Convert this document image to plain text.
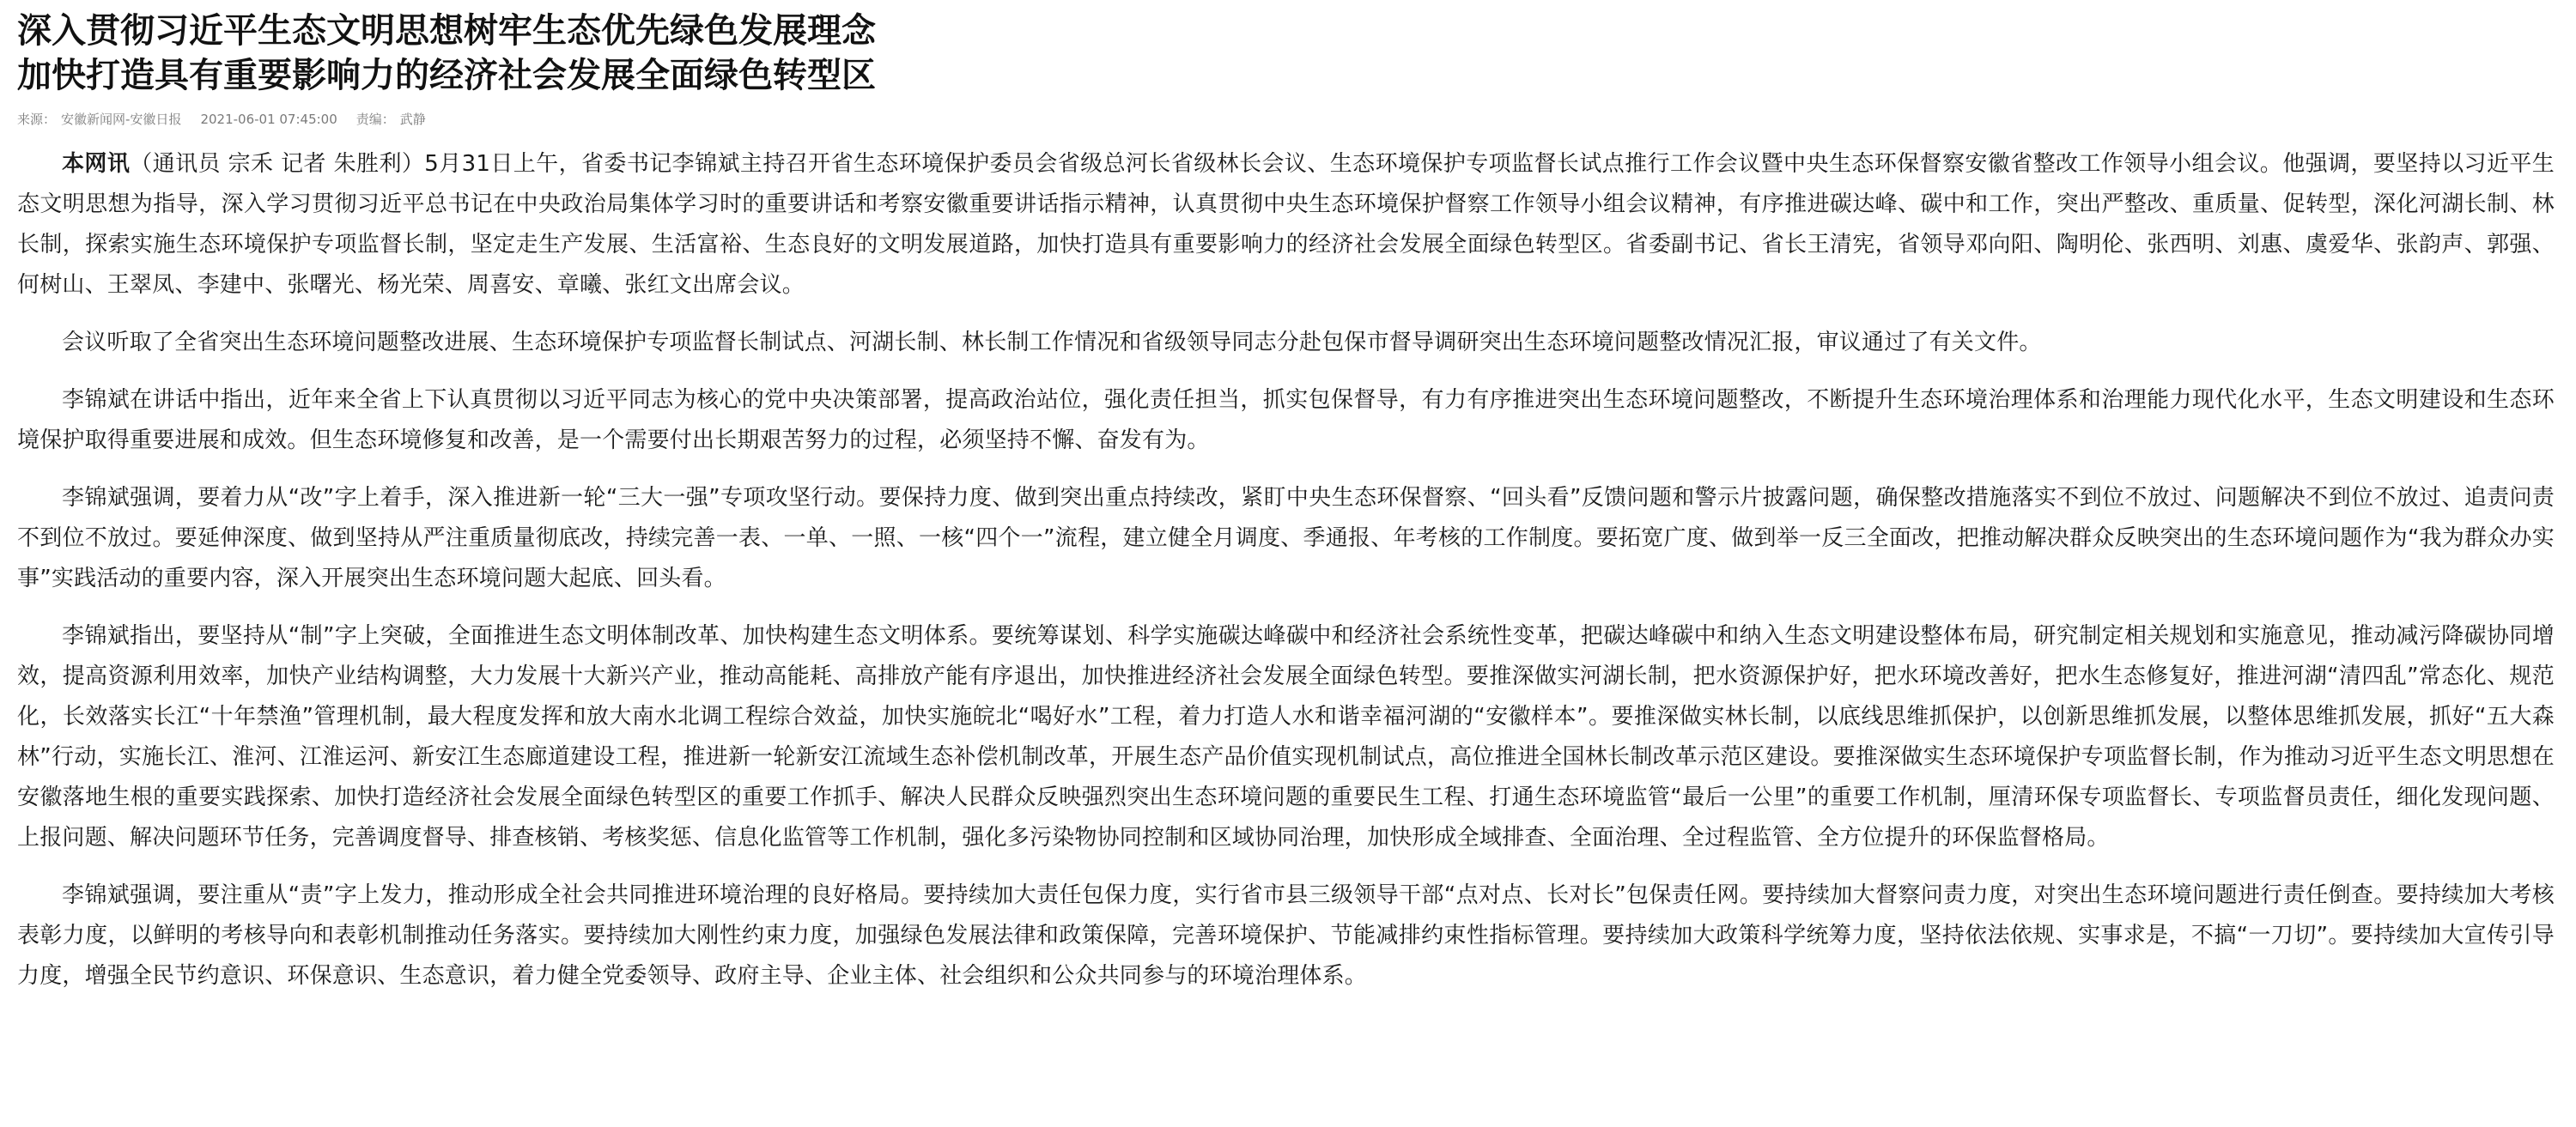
深入贯彻习近平生态文明思想树牢生态优先绿色发展理念
加快打造具有重要影响力的经济社会发展全面绿色转型区
来源： 安徽新闻网-安徽日报 2021-06-01 07:45:00 责编： 武静

本网讯（通讯员 宗禾 记者 朱胜利）5月31日上午，省委书记李锦斌主持召开省生态环境保护委员会省级总河长省级林长会议、生态环境保护专项监督长试点推行工作会议暨中央生态环保督察安徽省整改工作领导小组会议。他强调，要坚持以习近平生态文明思想为指导，深入学习贯彻习近平总书记在中央政治局集体学习时的重要讲话和考察安徽重要讲话指示精神，认真贯彻中央生态环境保护督察工作领导小组会议精神，有序推进碳达峰、碳中和工作，突出严整改、重质量、促转型，深化河湖长制、林长制，探索实施生态环境保护专项监督长制，坚定走生产发展、生活富裕、生态良好的文明发展道路，加快打造具有重要影响力的经济社会发展全面绿色转型区。省委副书记、省长王清宪，省领导邓向阳、陶明伦、张西明、刘惠、虞爱华、张韵声、郭强、何树山、王翠凤、李建中、张曙光、杨光荣、周喜安、章曦、张红文出席会议。

会议听取了全省突出生态环境问题整改进展、生态环境保护专项监督长制试点、河湖长制、林长制工作情况和省级领导同志分赴包保市督导调研突出生态环境问题整改情况汇报，审议通过了有关文件。

李锦斌在讲话中指出，近年来全省上下认真贯彻以习近平同志为核心的党中央决策部署，提高政治站位，强化责任担当，抓实包保督导，有力有序推进突出生态环境问题整改，不断提升生态环境治理体系和治理能力现代化水平，生态文明建设和生态环境保护取得重要进展和成效。但生态环境修复和改善，是一个需要付出长期艰苦努力的过程，必须坚持不懈、奋发有为。

李锦斌强调，要着力从“改”字上着手，深入推进新一轮“三大一强”专项攻坚行动。要保持力度、做到突出重点持续改，紧盯中央生态环保督察、“回头看”反馈问题和警示片披露问题，确保整改措施落实不到位不放过、问题解决不到位不放过、追责问责不到位不放过。要延伸深度、做到坚持从严注重质量彻底改，持续完善一表、一单、一照、一核“四个一”流程，建立健全月调度、季通报、年考核的工作制度。要拓宽广度、做到举一反三全面改，把推动解决群众反映突出的生态环境问题作为“我为群众办实事”实践活动的重要内容，深入开展突出生态环境问题大起底、回头看。

李锦斌指出，要坚持从“制”字上突破，全面推进生态文明体制改革、加快构建生态文明体系。要统筹谋划、科学实施碳达峰碳中和经济社会系统性变革，把碳达峰碳中和纳入生态文明建设整体布局，研究制定相关规划和实施意见，推动减污降碳协同增效，提高资源利用效率，加快产业结构调整，大力发展十大新兴产业，推动高能耗、高排放产能有序退出，加快推进经济社会发展全面绿色转型。要推深做实河湖长制，把水资源保护好，把水环境改善好，把水生态修复好，推进河湖“清四乱”常态化、规范化，长效落实长江“十年禁渔”管理机制，最大程度发挥和放大南水北调工程综合效益，加快实施皖北“喝好水”工程，着力打造人水和谐幸福河湖的“安徽样本”。要推深做实林长制，以底线思维抓保护，以创新思维抓发展，以整体思维抓发展，抓好“五大森林”行动，实施长江、淮河、江淮运河、新安江生态廊道建设工程，推进新一轮新安江流域生态补偿机制改革，开展生态产品价值实现机制试点，高位推进全国林长制改革示范区建设。要推深做实生态环境保护专项监督长制，作为推动习近平生态文明思想在安徽落地生根的重要实践探索、加快打造经济社会发展全面绿色转型区的重要工作抓手、解决人民群众反映强烈突出生态环境问题的重要民生工程、打通生态环境监管“最后一公里”的重要工作机制，厘清环保专项监督长、专项监督员责任，细化发现问题、上报问题、解决问题环节任务，完善调度督导、排查核销、考核奖惩、信息化监管等工作机制，强化多污染物协同控制和区域协同治理，加快形成全域排查、全面治理、全过程监管、全方位提升的环保监督格局。

李锦斌强调，要注重从“责”字上发力，推动形成全社会共同推进环境治理的良好格局。要持续加大责任包保力度，实行省市县三级领导干部“点对点、长对长”包保责任网。要持续加大督察问责力度，对突出生态环境问题进行责任倒查。要持续加大考核表彰力度，以鲜明的考核导向和表彰机制推动任务落实。要持续加大刚性约束力度，加强绿色发展法律和政策保障，完善环境保护、节能减排约束性指标管理。要持续加大政策科学统筹力度，坚持依法依规、实事求是，不搞“一刀切”。要持续加大宣传引导力度，增强全民节约意识、环保意识、生态意识，着力健全党委领导、政府主导、企业主体、社会组织和公众共同参与的环境治理体系。
